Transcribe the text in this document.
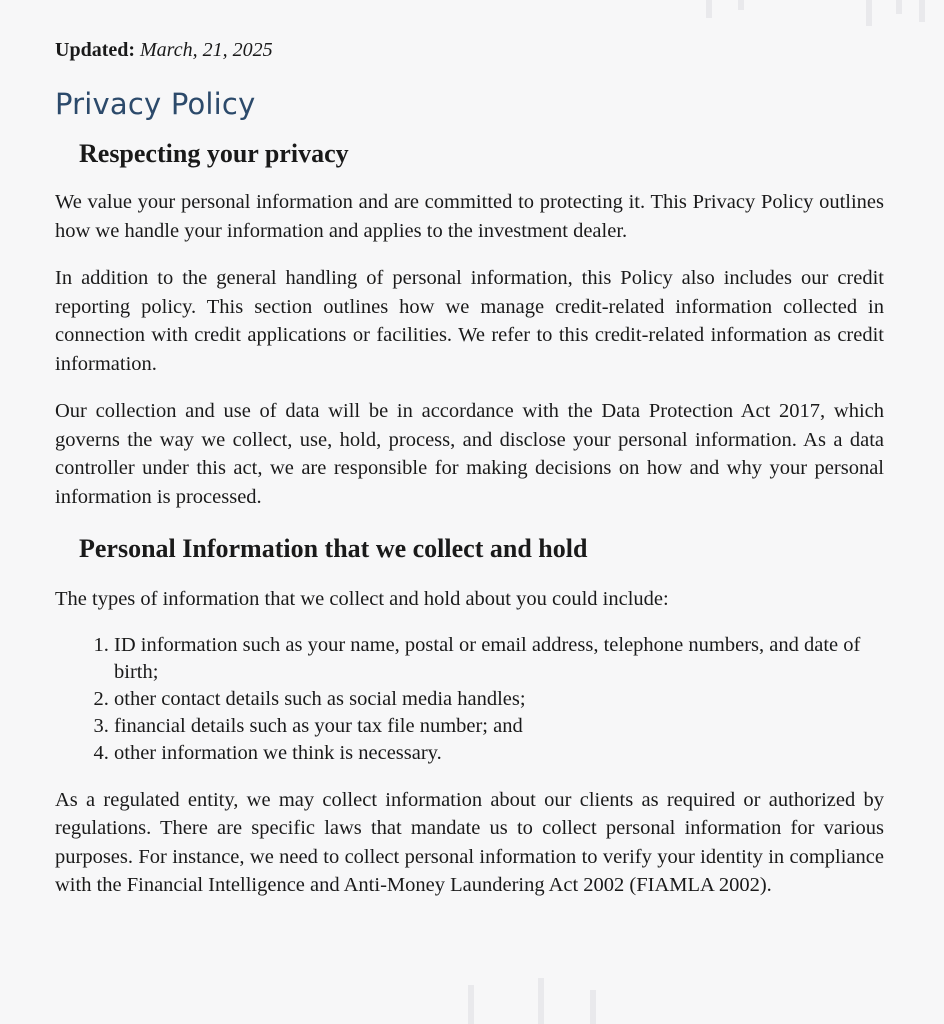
Updated: March, 21, 2025
Privacy Policy
Respecting your privacy

We value your personal information and are committed to protecting it. This Privacy Policy outlines how we handle your information and applies to the investment dealer.

In addition to the general handling of personal information, this Policy also includes our credit reporting policy. This section outlines how we manage credit-related information collected in connection with credit applications or facilities. We refer to this credit-related information as credit information.

Our collection and use of data will be in accordance with the Data Protection Act 2017, which governs the way we collect, use, hold, process, and disclose your personal information. As a data controller under this act, we are responsible for making decisions on how and why your personal information is processed.

Personal Information that we collect and hold

The types of information that we collect and hold about you could include:

1. ID information such as your name, postal or email address, telephone numbers, and date of birth;
2. other contact details such as social media handles;
3. financial details such as your tax file number; and
4. other information we think is necessary.

As a regulated entity, we may collect information about our clients as required or authorized by regulations. There are specific laws that mandate us to collect personal information for various purposes. For instance, we need to collect personal information to verify your identity in compliance with the Financial Intelligence and Anti-Money Laundering Act 2002 (FIAMLA 2002).
